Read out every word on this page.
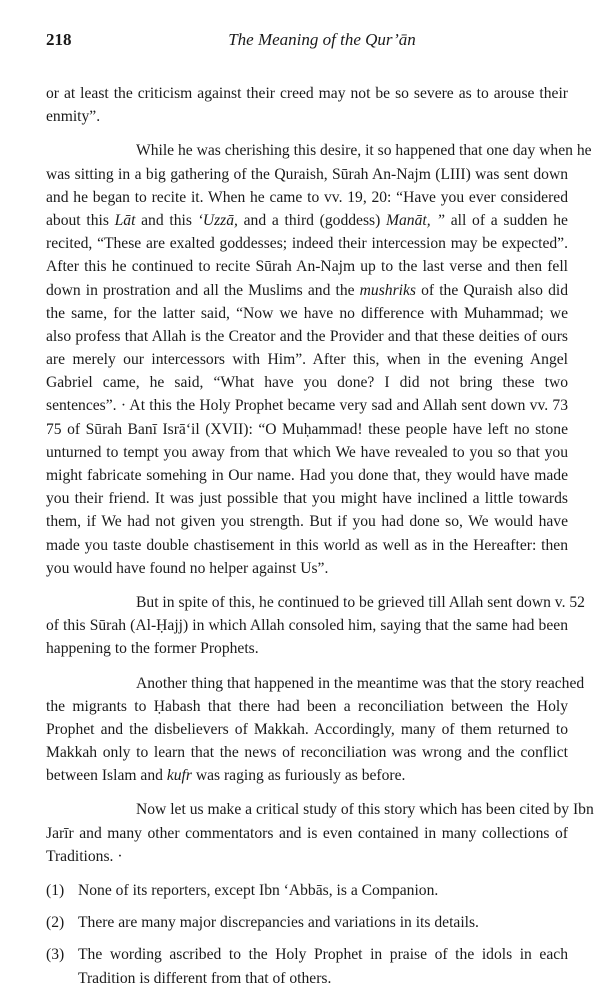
218	The Meaning of the Qur’ān
or at least the criticism against their creed may not be so severe as to arouse their
enmity”.
While he was cherishing this desire, it so happened that one day when he
was sitting in a big gathering of the Quraish, Sūrah An-Najm (LIII) was sent down
and he began to recite it. When he came to vv. 19, 20: “Have you ever considered
about this Lāt and this ‘Uzzā, and a third (goddess) Manāt, ” all of a sudden he
recited, “These are exalted goddesses; indeed their intercession may be expected”.
After this he continued to recite Sūrah An-Najm up to the last verse and then fell
down in prostration and all the Muslims and the mushriks of the Quraish also did
the same, for the latter said, “Now we have no difference with Muhammad; we
also profess that Allah is the Creator and the Provider and that these deities of ours
are merely our intercessors with Him”. After this, when in the evening Angel
Gabriel came, he said, “What have you done? I did not bring these two
sentences”. · At this the Holy Prophet became very sad and Allah sent down vv. 73
75 of Sūrah Banī Isrā‘il (XVII): “O Muḥammad! these people have left no stone
unturned to tempt you away from that which We have revealed to you so that you
might fabricate somehing in Our name. Had you done that, they would have made
you their friend. It was just possible that you might have inclined a little towards
them, if We had not given you strength. But if you had done so, We would have
made you taste double chastisement in this world as well as in the Hereafter: then
you would have found no helper against Us”.
But in spite of this, he continued to be grieved till Allah sent down v. 52
of this Sūrah (Al-Ḥajj) in which Allah consoled him, saying that the same had been
happening to the former Prophets.
Another thing that happened in the meantime was that the story reached
the migrants to Ḥabash that there had been a reconciliation between the Holy
Prophet and the disbelievers of Makkah. Accordingly, many of them returned to
Makkah only to learn that the news of reconciliation was wrong and the conflict
between Islam and kufr was raging as furiously as before.
Now let us make a critical study of this story which has been cited by Ibn
Jarīr and many other commentators and is even contained in many collections of
Traditions. ·
(1) None of its reporters, except Ibn ‘Abbās, is a Companion.
(2) There are many major discrepancies and variations in its details.
(3) The wording ascribed to the Holy Prophet in praise of the idols in each
Tradition is different from that of others.
